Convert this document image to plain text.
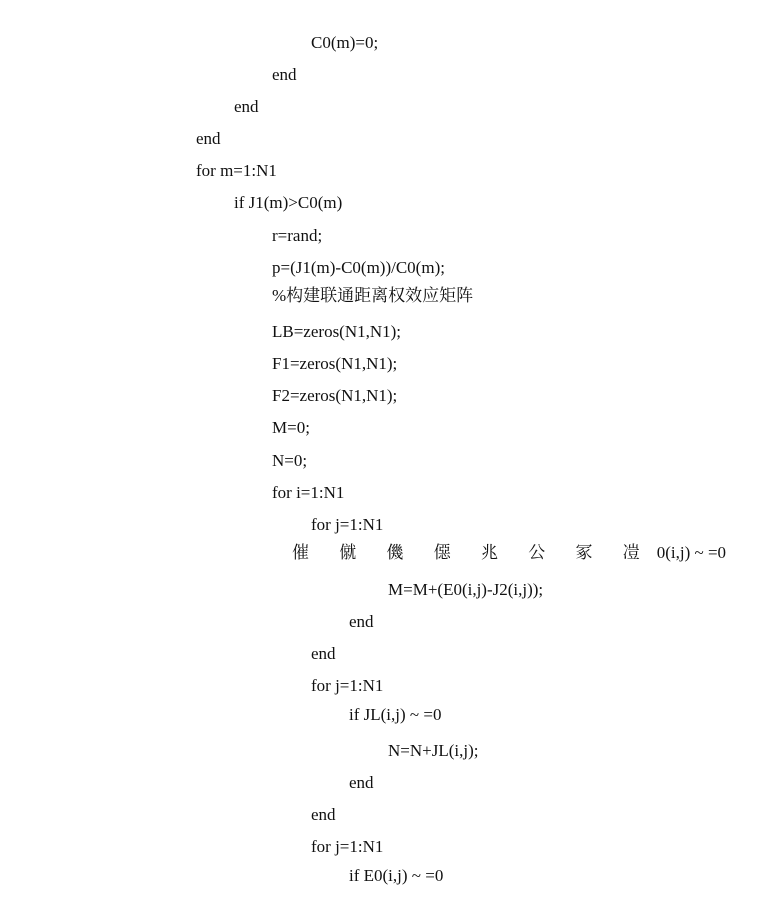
C0(m)=0;
end
end
end
for m=1:N1
if J1(m)>C0(m)
r=rand;
p=(J1(m)-C0(m))/C0(m);
%构建联通距离权效应矩阵
LB=zeros(N1,N1);
F1=zeros(N1,N1);
F2=zeros(N1,N1);
M=0;
N=0;
for i=1:N1
for j=1:N1
催 僦 僟 僫 兆 公 冢 凒 0(i,j) ~ =0
M=M+(E0(i,j)-J2(i,j));
end
end
for j=1:N1
if JL(i,j) ~ =0
N=N+JL(i,j);
end
end
for j=1:N1
if E0(i,j) ~ =0
